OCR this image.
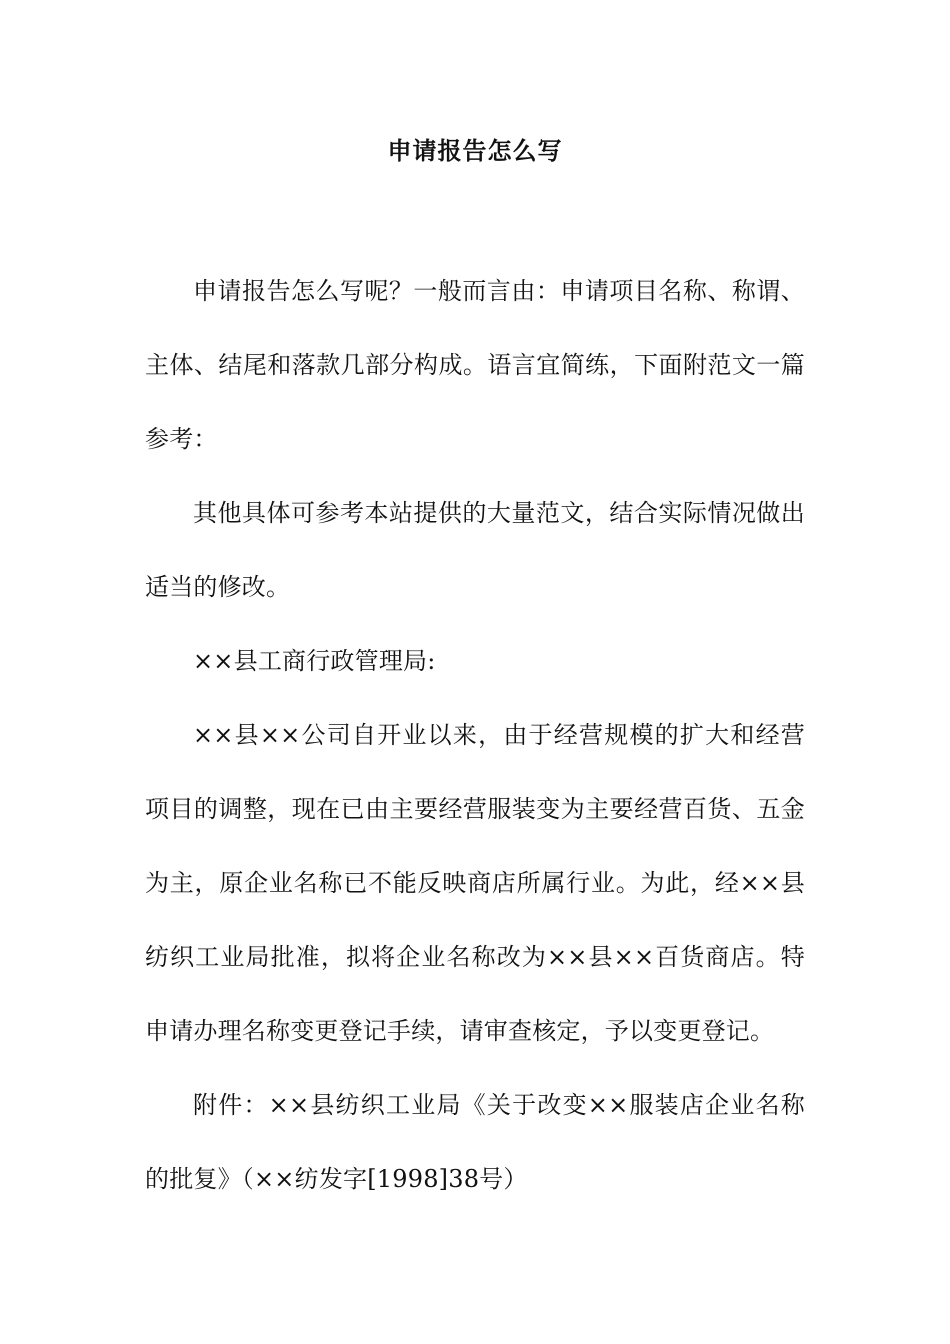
申请报告怎么写

申请报告怎么写呢？一般而言由：申请项目名称、称谓、主体、结尾和落款几部分构成。语言宜简练，下面附范文一篇参考：

其他具体可参考本站提供的大量范文，结合实际情况做出适当的修改。

××县工商行政管理局:

××县××公司自开业以来，由于经营规模的扩大和经营项目的调整，现在已由主要经营服装变为主要经营百货、五金为主，原企业名称已不能反映商店所属行业。为此，经××县纺织工业局批准，拟将企业名称改为××县××百货商店。特申请办理名称变更登记手续，请审查核定，予以变更登记。

附件：××县纺织工业局《关于改变××服装店企业名称的批复》（××纺发字[1998]38号）
